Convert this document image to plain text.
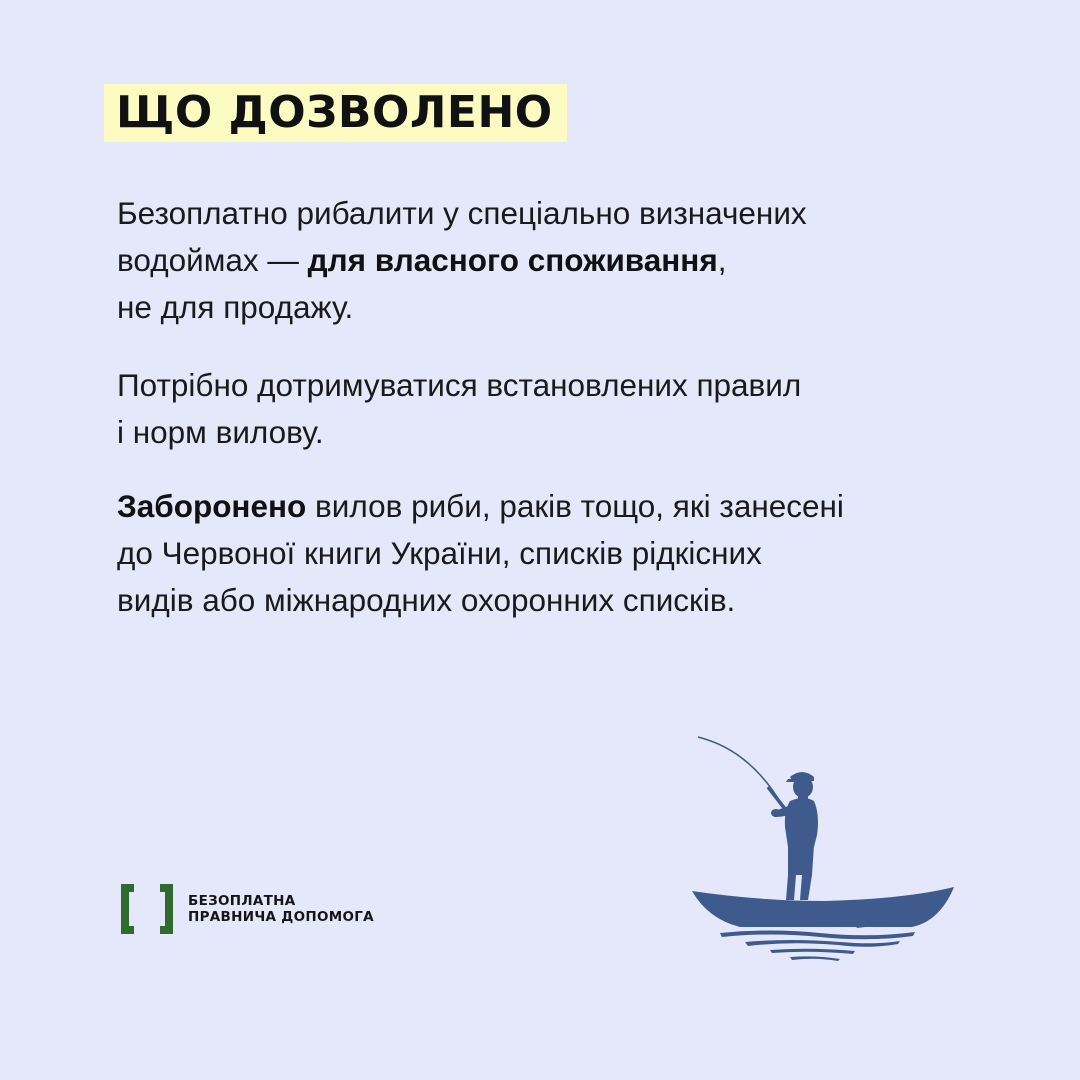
ЩО ДОЗВОЛЕНО
Безоплатно рибалити у спеціально визначених
водоймах — для власного споживання,
не для продажу.
Потрібно дотримуватися встановлених правил
і норм вилову.
Заборонено вилов риби, раків тощо, які занесені
до Червоної книги України, списків рідкісних
видів або міжнародних охоронних списків.
БЕЗОПЛАТНА
ПРАВНИЧА ДОПОМОГА
